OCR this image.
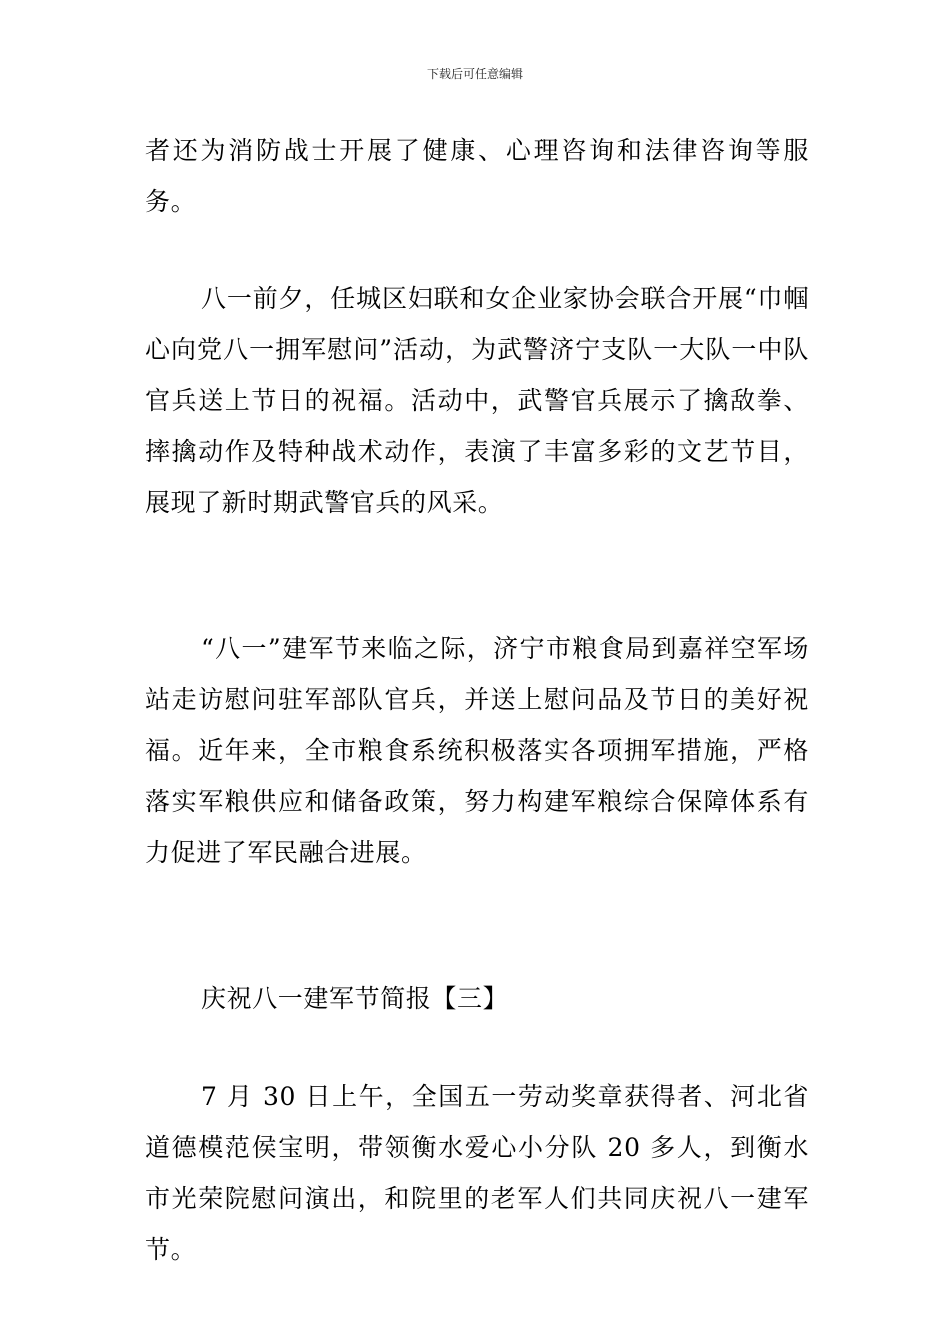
下载后可任意编辑

者还为消防战士开展了健康、心理咨询和法律咨询等服务。

八一前夕，任城区妇联和女企业家协会联合开展“巾帼心向党八一拥军慰问”活动，为武警济宁支队一大队一中队官兵送上节日的祝福。活动中，武警官兵展示了擒敌拳、摔擒动作及特种战术动作，表演了丰富多彩的文艺节目，展现了新时期武警官兵的风采。

“八一”建军节来临之际，济宁市粮食局到嘉祥空军场站走访慰问驻军部队官兵，并送上慰问品及节日的美好祝福。近年来，全市粮食系统积极落实各项拥军措施，严格落实军粮供应和储备政策，努力构建军粮综合保障体系有力促进了军民融合进展。

庆祝八一建军节简报【三】

7 月 30 日上午，全国五一劳动奖章获得者、河北省道德模范侯宝明，带领衡水爱心小分队 20 多人，到衡水市光荣院慰问演出，和院里的老军人们共同庆祝八一建军节。
